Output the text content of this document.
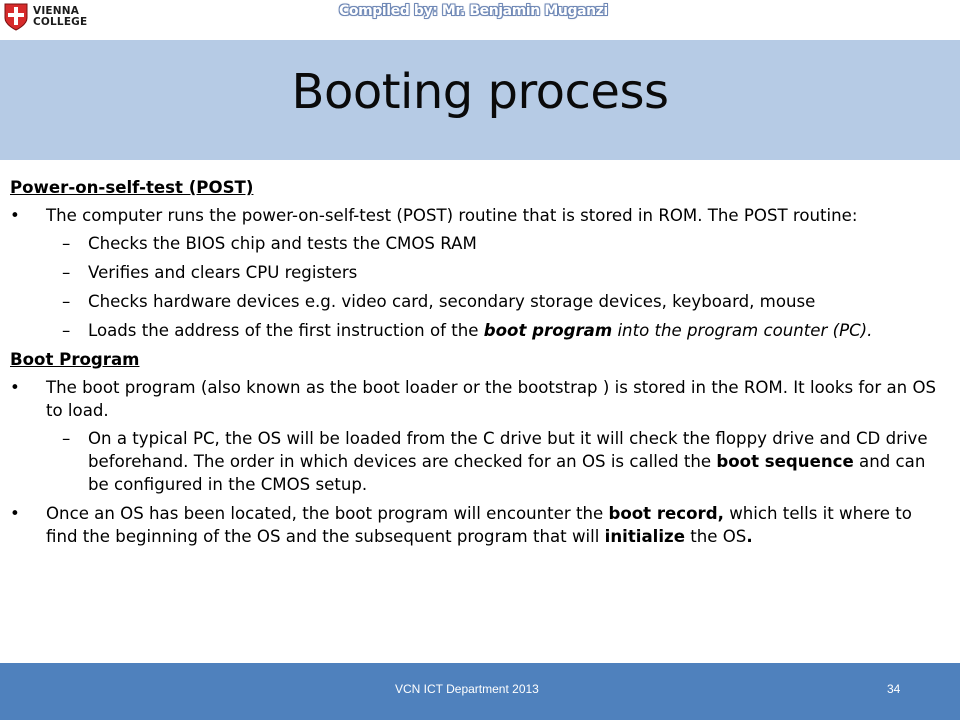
VIENNA
COLLEGE
Compiled by: Mr. Benjamin Muganzi
Booting process
Power-on-self-test (POST)
• The computer runs the power-on-self-test (POST) routine that is stored in ROM. The POST routine:
– Checks the BIOS chip and tests the CMOS RAM
– Verifies and clears CPU registers
– Checks hardware devices e.g. video card, secondary storage devices, keyboard, mouse
– Loads the address of the first instruction of the boot program into the program counter (PC).
Boot Program
• The boot program (also known as the boot loader or the bootstrap ) is stored in the ROM. It looks for an OS to load.
– On a typical PC, the OS will be loaded from the C drive but it will check the floppy drive and CD drive beforehand. The order in which devices are checked for an OS is called the boot sequence and can be configured in the CMOS setup.
• Once an OS has been located, the boot program will encounter the boot record, which tells it where to find the beginning of the OS and the subsequent program that will initialize the OS.
VCN ICT Department 2013	34
